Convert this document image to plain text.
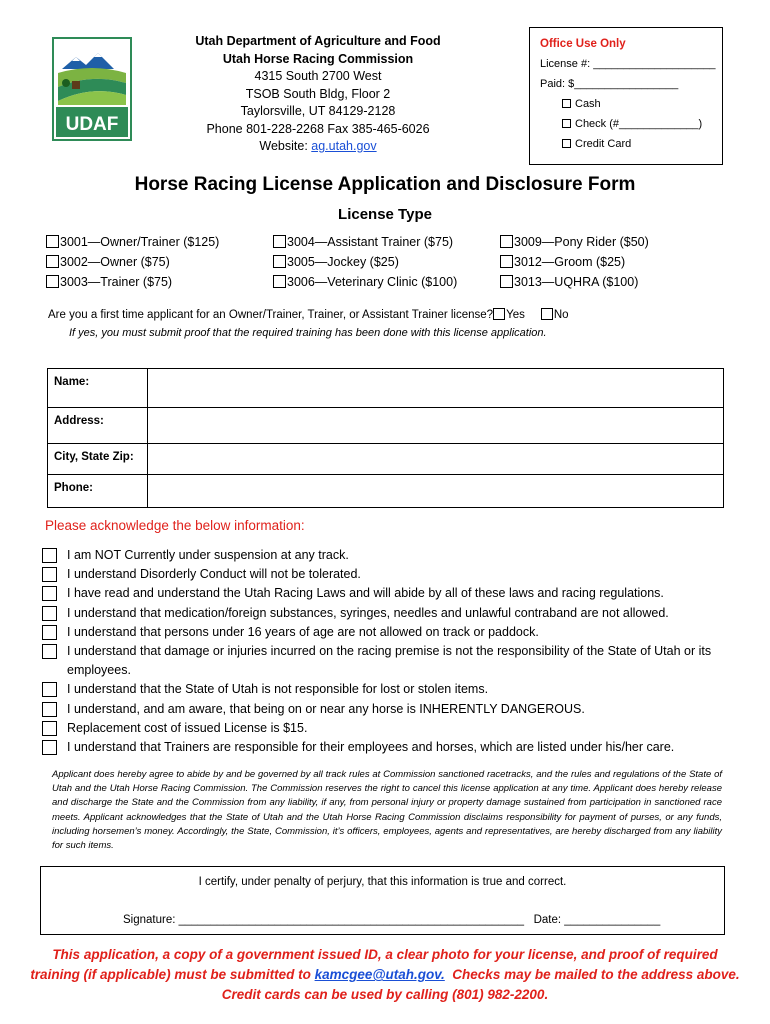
UDAF
Utah Department of Agriculture and Food
Utah Horse Racing Commission
4315 South 2700 West
TSOB South Bldg, Floor 2
Taylorsville, UT 84129-2128
Phone 801-228-2268 Fax 385-465-6026
Website: ag.utah.gov
Office Use Only
License #: ____________________
Paid: $_________________
Cash
Check (#_____________)
Credit Card
Horse Racing License Application and Disclosure Form
License Type
3001—Owner/Trainer ($125)
3002—Owner ($75)
3003—Trainer ($75)
3004—Assistant Trainer ($75)
3005—Jockey ($25)
3006—Veterinary Clinic ($100)
3009—Pony Rider ($50)
3012—Groom ($25)
3013—UQHRA ($100)
Are you a first time applicant for an Owner/Trainer, Trainer, or Assistant Trainer license? Yes	No
If yes, you must submit proof that the required training has been done with this license application.
Name:	
Address:	
City, State Zip:	
Phone:	
Please acknowledge the below information:
I am NOT Currently under suspension at any track.
I understand Disorderly Conduct will not be tolerated.
I have read and understand the Utah Racing Laws and will abide by all of these laws and racing regulations.
I understand that medication/foreign substances, syringes, needles and unlawful contraband are not allowed.
I understand that persons under 16 years of age are not allowed on track or paddock.
I understand that damage or injuries incurred on the racing premise is not the responsibility of the State of Utah or its employees.
I understand that the State of Utah is not responsible for lost or stolen items.
I understand, and am aware, that being on or near any horse is INHERENTLY DANGEROUS.
Replacement cost of issued License is $15.
I understand that Trainers are responsible for their employees and horses, which are listed under his/her care.
Applicant does hereby agree to abide by and be governed by all track rules at Commission sanctioned racetracks, and the rules and regulations of the State of Utah and the Utah Horse Racing Commission. The Commission reserves the right to cancel this license application at any time. Applicant does hereby release and discharge the State and the Commission from any liability, if any, from personal injury or property damage sustained from participation in sanctioned race meets. Applicant acknowledges that the State of Utah and the Utah Horse Racing Commission disclaims responsibility for payment of purses, or any funds, including horsemen’s money. Accordingly, the State, Commission, it’s officers, employees, agents and representatives, are hereby discharged from any liability for such items.
I certify, under penalty of perjury, that this information is true and correct.
Signature: ______________________________________________________ Date: _______________
This application, a copy of a government issued ID, a clear photo for your license, and proof of required
training (if applicable) must be submitted to kamcgee@utah.gov.  Checks may be mailed to the address above.
Credit cards can be used by calling (801) 982-2200.
